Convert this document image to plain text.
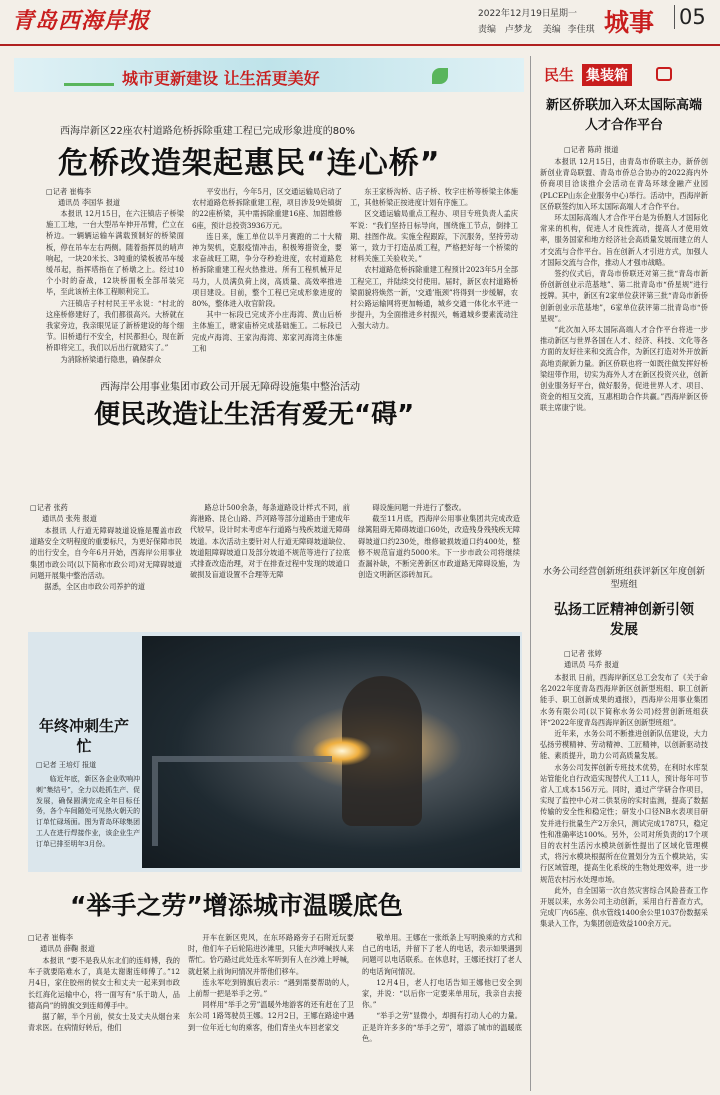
青岛西海岸报	2022年12月19日 星期一
责编 卢梦龙 美编 李佳琪 城事 05
城市更新建设 让生活更美好
西海岸新区22座农村道路危桥拆除重建工程已完成形象进度的80%
危桥改造架起惠民“连心桥”
□记者 崔梅李
通讯员 李国华 报道

本报讯 12月15日，在六汪镇店子桥梁施工工地，一台大型吊车伸开吊臂，伫立在桥边。一辆辆运输车满载预制好的桥梁面板，停在吊车左右两侧。随着指挥员的哨声响起，一块20米长、3吨重的梁板被吊车缓缓吊起，指挥塔指在了桥墩之上。经过10个小时的奋战，12块桥面板全部吊装完毕，至此该桥主体工程顺利完工。

六汪镇店子村村民王平永说：“村北的这座桥修建好了，我们都很高兴。大桥就在我家旁边，我亲眼见证了新桥建设的每个细节。旧桥通行不安全，村民都担心，现在新桥即将完工，我们以后出行就踏实了。”

为消除桥梁通行隐患，确保群众

平安出行，今年5月，区交通运输局启动了农村道路危桥拆除重建工程，项目涉及9处镇街的22座桥梁，其中需拆除重建16座、加固维修6座，预计总投资3936万元。

连日来，施工单位以半月赛跑的二十大精神为契机，克服疫情冲击，积极筹措资金，要求奋战旺工期，争分夺秒抢进度，农村道路危桥拆除重建工程火热推进。所有工程机械开足马力，人员满负荷上岗，高质量、高效率推进项目建设。目前，整个工程已完成形象进度的80%，整体进入收官阶段。

其中一标段已完成齐小庄海湾、黄山后桥主体施工，塘家庙桥完成基础施工。二标段已完成卢海湾、王家沟海湾、郑家河海湾主体施工和

东王家桥沟桥、店子桥、牧字庄桥等桥梁主体施工，其他桥梁正按进度计划有序施工。

区交通运输局重点工程办、项目专班负责人孟庆军说：“我们坚持日标导向，围绕施工节点，倒排工期、挂图作战。实施全程跟踪，下沉服务，坚持劳动第一，致力于打造品质工程，严格把好每一个桥梁的材料关施工关验收关。”

农村道路危桥拆除重建工程预计2023年5月全部工程完工，并陆续交付使用。届时，新区农村道路桥梁面貌将焕然一新，‘交通’瓶颈”将得到一步缓解，农村公路运输网将更加畅通，城乡交通一体化水平进一步提升，为全面推进乡村振兴，畅通城乡要素流动注入强大动力。

西海岸公用事业集团市政公司开展无障碍设施集中整治活动
便民改造让生活有爱无“碍”
□记者 张药
通讯员 张苑 报道

本报讯 人行道无障碍坡道设施是覆盖市政道路安全文明程度的重要标尺，为更好保障市民的出行安全，自今年6月开始，西海岸公用事业集团市政公司(以下简称市政公司)对无障碍坡道问题开展集中整治活动。

据悉，全区由市政公司养护的道

路总计500余条，每条道路设计样式不同，前海港路、昆仑山路、芦河路等部分道路由于建成年代较早，设计时未考虑车行道路与残疾坡道无障碍坡道。本次活动主要针对人行道无障碍坡道缺位、坡道阻障碍坡道口及部分坡道不规范等进行了拉底式排查改造治理，对于在排查过程中发现的坡道口破损及盲道设置不合理等无障

碍设施问题一并进行了整改。

截至11月底，西海岸公用事业集团共完成改造绿篱阻碍无障碍坡道口60处，改造残身残残疾无障碍坡道口约230处，维修破损坡道口约400处，整修不规范盲道约5000米。下一步市政公司将继续查漏补缺，不断完善新区市政道路无障碍设施，为创造文明新区添砖加瓦。

年终冲刺生产忙
□记者 王培灯 报道

临近年底，新区各企业吹响冲刺“集结号”，全力以赴抓生产、促发展，确保圆满完成全年目标任务，各个车间随处可见热火朝天的订单忙碌场面。图为青岛环球集团工人在进行焊接作业，该企业生产订单已排至明年3月份。

“举手之劳”增添城市温暖底色
□记者 崔梅李
通讯员 薛鞠 报道

本报讯 “要不是我从东北们的连师傅，我的车子就要陷难水了，真是太谢谢连师傅了。”12月4日，家住胶州的侯女士和丈夫一起来到市政长红海化运输中心，将一面写有“乐于助人，品德高尚”的锦旗交到连师傅手中。

据了解，半个月前，侯女士及丈夫从烟台来青求医。在病情好转后，他们

开车在新区兜风，在东环路路旁子石附近玩要时，他们车子后轮陷进沙滩里，只能大声呼喊找人来帮忙。恰巧路过此处连永军听到有人在沙滩上呼喊，就赶紧上前询问情况并帮他们移车。

连永军吃到锦旗后表示：“遇到需要帮助的人，上前帮一把是举手之劳。”

同样用“举手之劳”温暖外地游客的还有赶在了卫东公司 1路驾驶员王娜。12月2日，王娜在路途中遇到一位年近七旬的乘客，他们背坐火车回老家交

敬单用。王娜在一张纸条上写明换乘的方式和自己的电话，并留下了老人的电话，表示如果遇到问题可以电话联系。在休息时，王娜还找打了老人的电话询问情况。

12月4日，老人打电话告知王娜他已安全到家，并说：“以后你一定要来单用玩，我亲自去接你。”

“举手之劳”显微小，却拥有打动人心的力量。正是许许多多的“举手之劳”，增添了城市的温暖底色。

民生 集装箱
新区侨联加入环太国际高端人才合作平台
□记者 陈莳 报道

本报讯 12月15日，由青岛市侨联主办，新侨创新创业青岛联盟、青岛市侨总合协办的2022海内外侨商项目洽谈推介会活动在青岛环球金融产业园(PLCEP山东企业服务中心)举行。活动中，西海岸新区侨联签约加入环太国际高端人才合作平台。

环太国际高端人才合作平台是为侨胞人才国际化常来的机构，促进人才良性流动，提高人才使用效率，服务国家和地方经济社会高质量发展而建立的人才交流与合作平台。旨在创新人才引进方式，加强人才国际交流与合作，推动人才强市战略。

签约仪式后，青岛市侨联还对第三批“青岛市新侨创新创业示范基地”、第二批青岛市“侨星规”进行授牌。其中，新区有2家单位获评第三批“青岛市新侨创新创业示范基地”，6家单位获评第二批青岛市“侨星规”。

“此次加入环太国际高端人才合作平台将进一步推动新区与世界各国在人才、经济、科技、文化等各方面的友好往来和交流合作，为新区打造对外开放新高地贡献新力量。新区侨联也将一如既往做发挥好桥梁纽带作用，切实为海外人才在新区投资兴业，创新创业服务好平台，做好服务，促进世界人才、项目、资金的相互交流，互惠相助合作共赢。”西海岸新区侨联主席康宁说。

水务公司经营创新班组获评新区年度创新型班组
弘扬工匠精神创新引领发展
□记者 张婷
通讯员 马乔 报道

本报讯 日前，西海岸新区总工会发布了《关于命名2022年度青岛西海岸新区创新型班组、职工创新能手、职工创新成果的通报》，西海岸公用事业集团水务有限公司(以下简称水务公司)经营创新班组获评“2022年度青岛西海岸新区创新型班组”。

近年来，水务公司不断推进创新队伍建设，大力弘扬劳模精神、劳动精神、工匠精神，以创新驱动技能、素质提升，助力公司高质量发展。

水务公司发挥创新专班技术优势，在利时水库泵站管能化自行改造实现替代人工11人，预计每年可节省人工成本156万元。同时，通过产学研合作项目，实现了监控中心对二供泵房的实时监测，提高了数据传输的安全性和稳定性；研发小口径NB水表项目研发并进行批量生产2万余只，测试完成1787只，稳定性和准确率达100%。另外，公司对所负责的17个项目的农村生活污水模块创新性提出了区域化管理模式，将污水模块根据所在位置划分为五个模块站，实行区域管理，提高生化系统的生物处理效率，进一步规范农村污水处理市场。

此外，自全国第一次自然灾害综合风险普查工作开展以来，水务公司主动创新，采用自行普查方式，完成厂内65座、供水管线1400余公里1037份数据采集录入工作，为集团创造效益100余万元。
